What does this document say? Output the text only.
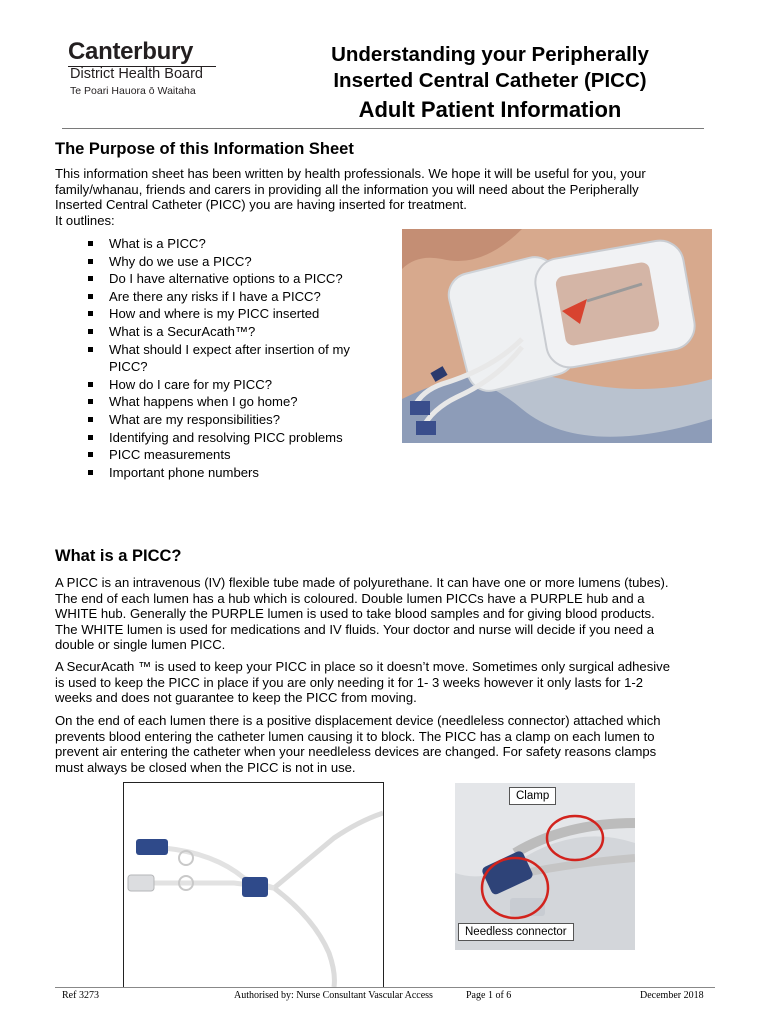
Canterbury
District Health Board
Te Poari Hauora ō Waitaha
Understanding your Peripherally
Inserted Central Catheter (PICC)
Adult Patient Information
The Purpose of this Information Sheet
This information sheet has been written by health professionals. We hope it will be useful for you, your
family/whanau, friends and carers in providing all the information you will need about the Peripherally
Inserted Central Catheter (PICC) you are having inserted for treatment.
It outlines:
What is a PICC?
Why do we use a PICC?
Do I have alternative options to a PICC?
Are there any risks if I have a PICC?
How and where is my PICC inserted
What is a SecurAcath™?
What should I expect after insertion of my PICC?
How do I care for my PICC?
What happens when I go home?
What are my responsibilities?
Identifying and resolving PICC problems
PICC measurements
Important phone numbers
What is a PICC?
A PICC is an intravenous (IV) flexible tube made of polyurethane. It can have one or more lumens (tubes).
The end of each lumen has a hub which is coloured. Double lumen PICCs have a PURPLE hub and a
WHITE hub. Generally the PURPLE lumen is used to take blood samples and for giving blood products.
The WHITE lumen is used for medications and IV fluids. Your doctor and nurse will decide if you need a
double or single lumen PICC.
A SecurAcath ™ is used to keep your PICC in place so it doesn’t move. Sometimes only surgical adhesive
is used to keep the PICC in place if you are only needing it for 1- 3 weeks however it only lasts for 1-2
weeks and does not guarantee to keep the PICC from moving.
On the end of each lumen there is a positive displacement device (needleless connector) attached which
prevents blood entering the catheter lumen causing it to block. The PICC has a clamp on each lumen to
prevent air entering the catheter when your needleless devices are changed. For safety reasons clamps
must always be closed when the PICC is not in use.
Clamp
Needless connector
Ref 3273	Authorised by: Nurse Consultant Vascular Access	Page 1 of 6	December 2018
